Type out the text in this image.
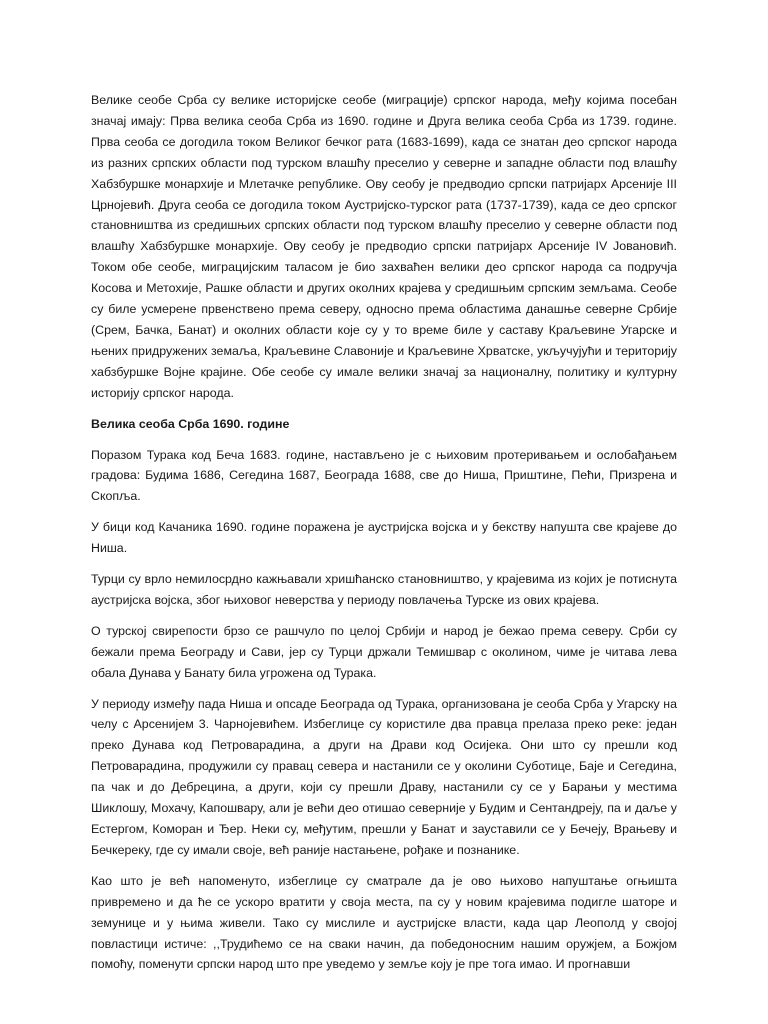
Велике сеобе Срба су велике историјске сеобе (миграције) српског народа, међу којима посебан значај имају: Прва велика сеоба Срба из 1690. године и Друга велика сеоба Срба из 1739. године. Прва сеоба се догодила током Великог бечког рата (1683-1699), када се знатан део српског народа из разних српских области под турском влашћу преселио у северне и западне области под влашћу Хабзбуршке монархије и Млетачке републике. Ову сеобу је предводио српски патријарх Арсеније III Црнојевић. Друга сеоба се догодила током Аустријско-турског рата (1737-1739), када се део српског становништва из средишњих српских области под турском влашћу преселио у северне области под влашћу Хабзбуршке монархије. Ову сеобу је предводио српски патријарх Арсеније IV Јовановић. Током обе сеобе, миграцијским таласом је био захваћен велики део српског народа са подручја Косова и Метохије, Рашке области и других околних крајева у средишњим српским земљама. Сеобе су биле усмерене првенствено према северу, односно према областима данашње северне Србије (Срем, Бачка, Банат) и околних области које су у то време биле у саставу Краљевине Угарске и њених придружених земаља, Краљевине Славоније и Краљевине Хрватске, укључујући и територију хабзбуршке Војне крајине. Обе сеобе су имале велики значај за националну, политику и културну историју српског народа.

Велика сеоба Срба 1690. године

Поразом Турака код Беча 1683. године, настављено је с њиховим протеривањем и ослобађањем градова: Будима 1686, Сегедина 1687, Београда 1688, све до Ниша, Приштине, Пећи, Призрена и Скопља.

У бици код Качаника 1690. године поражена је аустријска војска и у бекству напушта све крајеве до Ниша.

Турци су врло немилосрдно кажњавали хришћанско становништво, у крајевима из којих је потиснута аустријска војска, због њиховог неверства у периоду повлачења Турске из ових крајева.

О турској свирепости брзо се рашчуло по целој Србији и народ је бежао према северу. Срби су бежали према Београду и Сави, јер су Турци држали Темишвар с околином, чиме је читава лева обала Дунава у Банату била угрожена од Турака.

У периоду између пада Ниша и опсаде Београда од Турака, организована је сеоба Срба у Угарску на челу с Арсенијем 3. Чарнојевићем. Избеглице су користиле два правца прелаза преко реке: један преко Дунава код Петроварадина, а други на Драви код Осијека. Они што су прешли код Петроварадина, продужили су правац севера и настанили се у околини Суботице, Баје и Сегедина, па чак и до Дебрецина, а други, који су прешли Драву, настанили су се у Барањи у местима Шиклошу, Мохачу, Капошвару, али је већи део отишао северније у Будим и Сентандреју, па и даље у Естергом, Коморан и Ђер. Неки су, међутим, прешли у Банат и зауставили се у Бечеју, Врањеву и Бечкереку, где су имали своје, већ раније настањене, рођаке и познанике.

Као што је већ напоменуто, избеглице су сматрале да је ово њихово напуштање огњишта привремено и да ће се ускоро вратити у своја места, па су у новим крајевима подигле шаторе и земунице и у њима живели. Тако су мислиле и аустријске власти, када цар Леополд у својој повластици истиче: ,,Трудићемо се на сваки начин, да победоносним нашим оружјем, а Божјом помоћу, поменути српски народ што пре уведемо у земље коју је пре тога имао. И прогнавши
